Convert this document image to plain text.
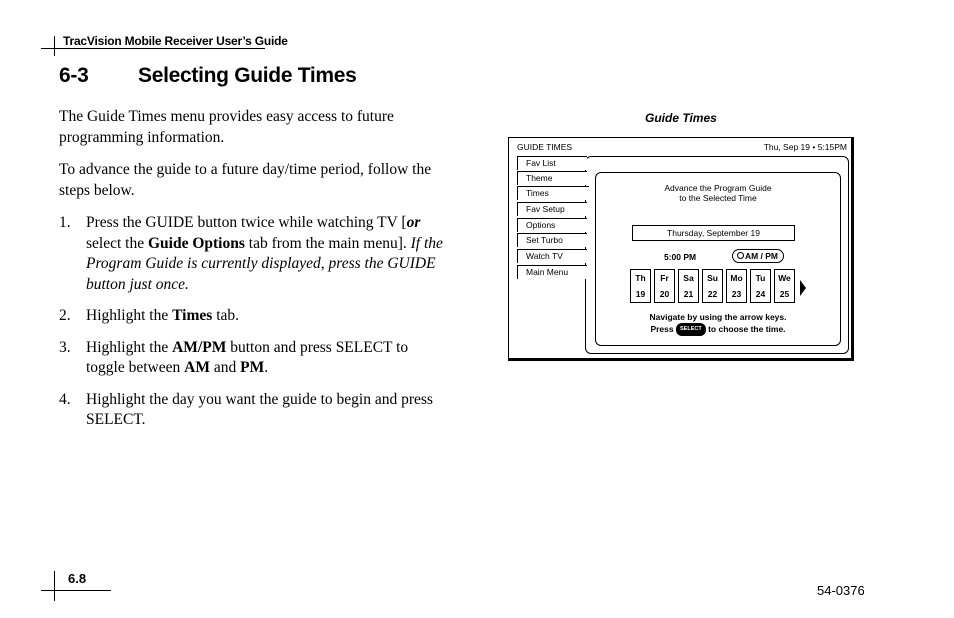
TracVision Mobile Receiver User’s Guide
6-3 Selecting Guide Times

The Guide Times menu provides easy access to future programming information.

To advance the guide to a future day/time period, follow the steps below.

1. Press the GUIDE button twice while watching TV [or select the Guide Options tab from the main menu]. If the Program Guide is currently displayed, press the GUIDE button just once.
2. Highlight the Times tab.
3. Highlight the AM/PM button and press SELECT to toggle between AM and PM.
4. Highlight the day you want the guide to begin and press SELECT.
Guide Times
GUIDE TIMES	Thu, Sep 19 • 5:15PM
Advance the Program Guide
to the Selected Time
Thursday, September 19
5:00 PM	AM / PM
Th
19
Fr
20
Sa
21
Su
22
Mo
23
Tu
24
We
25
Navigate by using the arrow keys.
Press SELECT to choose the time.
Fav List
Theme
Times
Fav Setup
Options
Set Turbo
Watch TV
Main Menu
6.8
54-0376
